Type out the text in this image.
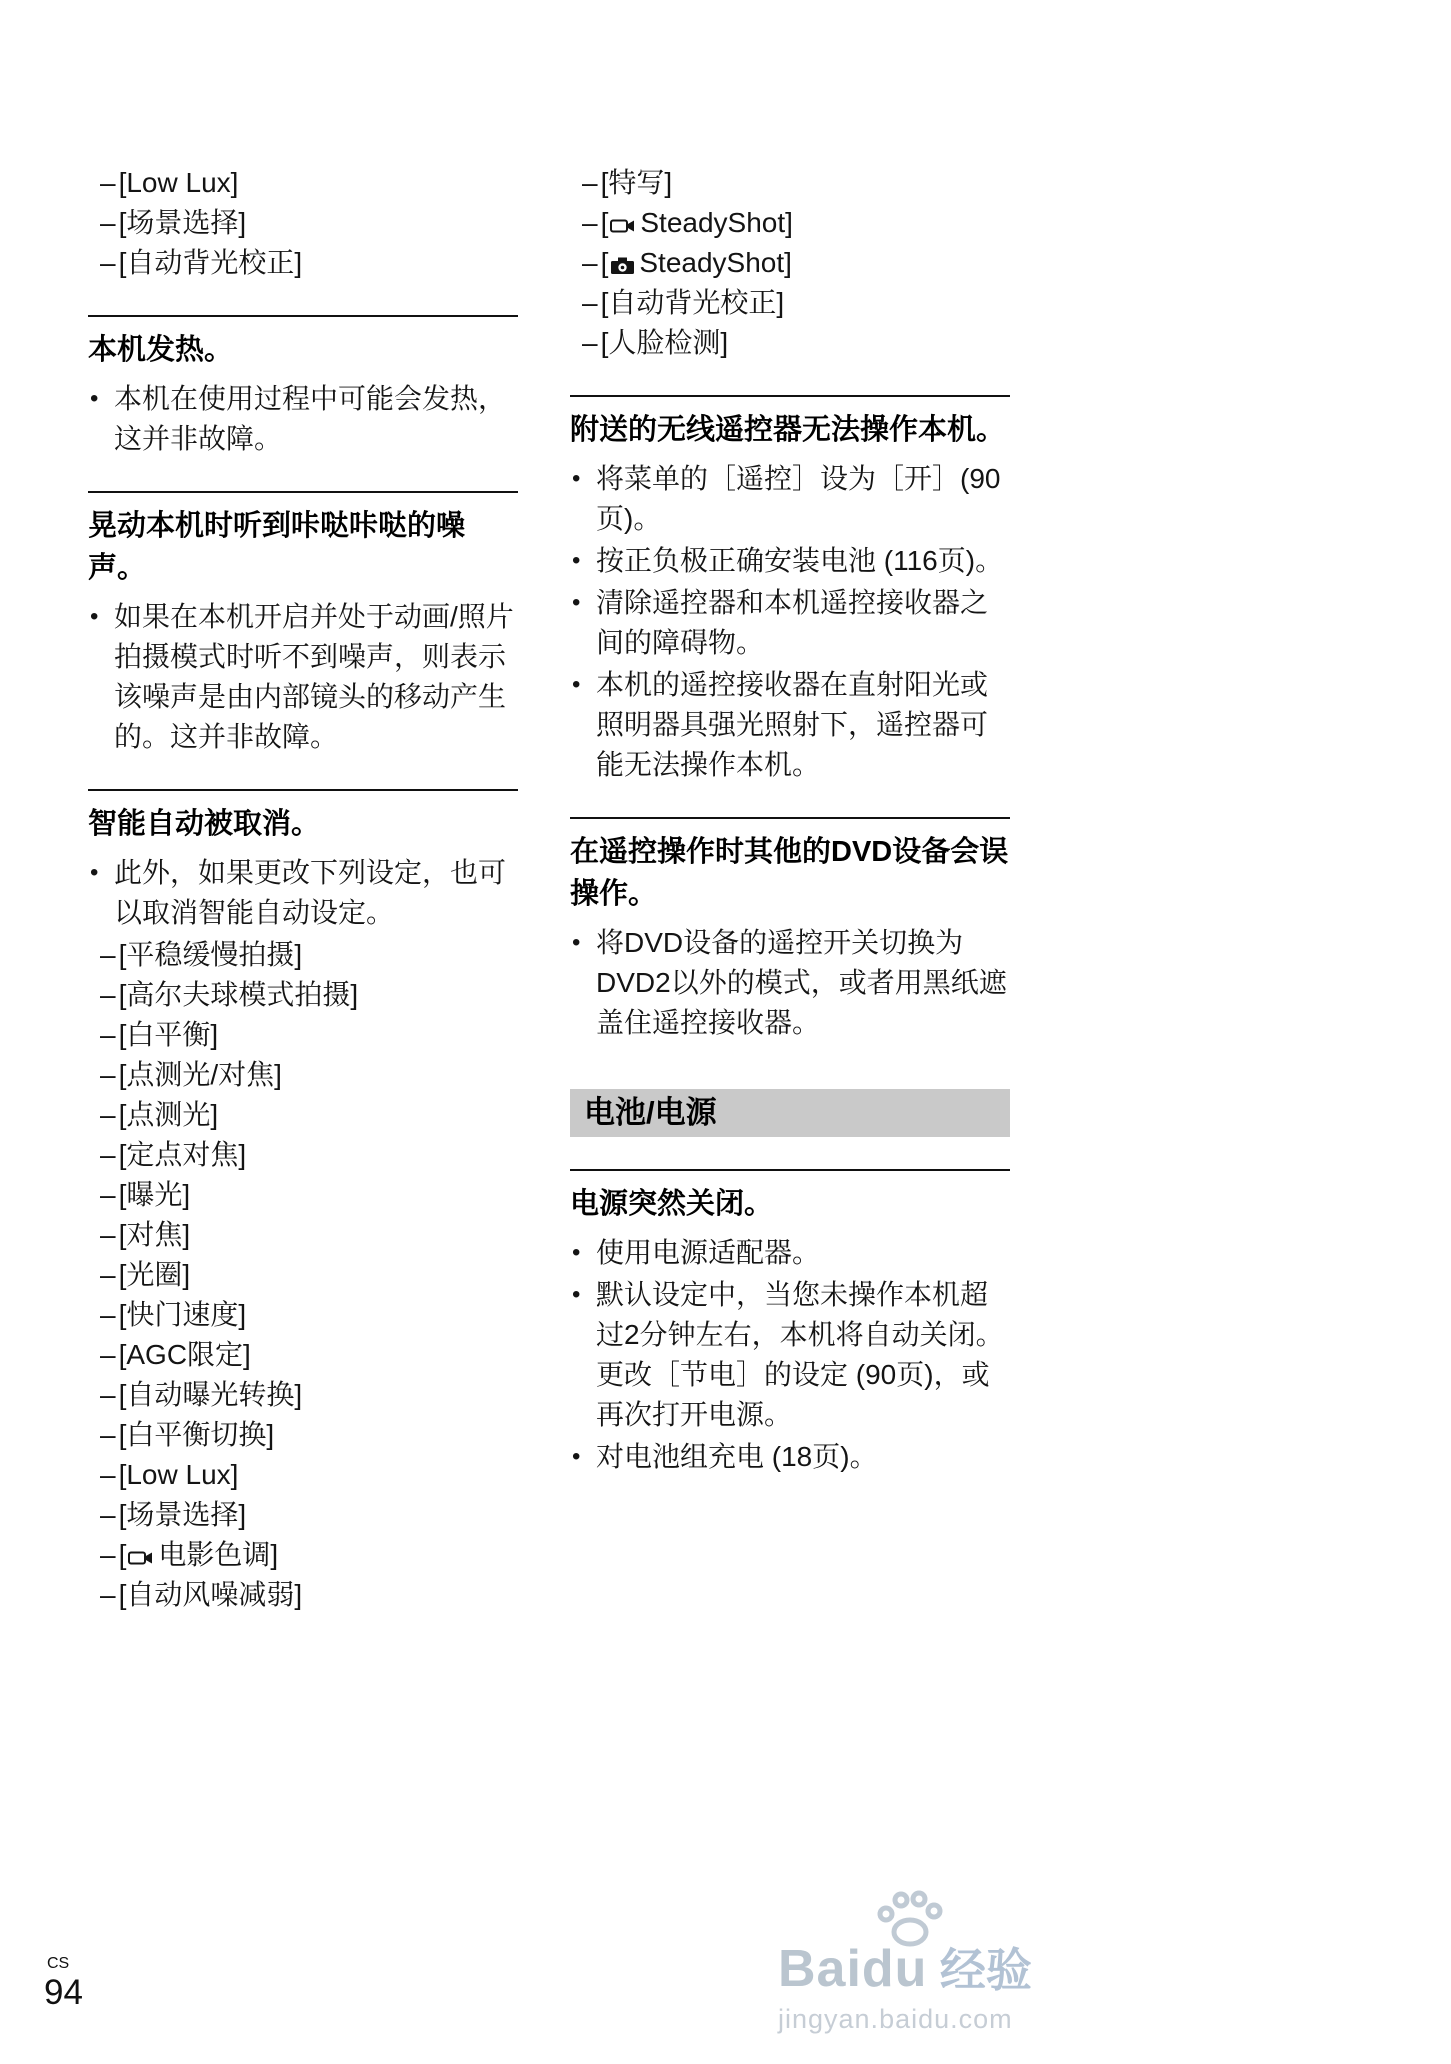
– [Low Lux]
– [场景选择]
– [自动背光校正]
本机发热。
• 本机在使用过程中可能会发热，这并非故障。
晃动本机时听到咔哒咔哒的噪声。
• 如果在本机开启并处于动画/照片拍摄模式时听不到噪声，则表示该噪声是由内部镜头的移动产生的。这并非故障。
智能自动被取消。
• 此外，如果更改下列设定，也可以取消智能自动设定。
– [平稳缓慢拍摄]
– [高尔夫球模式拍摄]
– [白平衡]
– [点测光/对焦]
– [点测光]
– [定点对焦]
– [曝光]
– [对焦]
– [光圈]
– [快门速度]
– [AGC限定]
– [自动曝光转换]
– [白平衡切换]
– [Low Lux]
– [场景选择]
– [ 电影色调]
– [自动风噪减弱]
– [特写]
– [ SteadyShot]
– [ SteadyShot]
– [自动背光校正]
– [人脸检测]
附送的无线遥控器无法操作本机。
• 将菜单的［遥控］设为［开］(90页)。
• 按正负极正确安装电池 (116页)。
• 清除遥控器和本机遥控接收器之间的障碍物。
• 本机的遥控接收器在直射阳光或照明器具强光照射下，遥控器可能无法操作本机。
在遥控操作时其他的DVD设备会误操作。
• 将DVD设备的遥控开关切换为DVD2以外的模式，或者用黑纸遮盖住遥控接收器。
电池/电源
电源突然关闭。
• 使用电源适配器。
• 默认设定中，当您未操作本机超过2分钟左右，本机将自动关闭。更改［节电］的设定 (90页)，或再次打开电源。
• 对电池组充电 (18页)。
CS
94	Baidu 经验
jingyan.baidu.com
